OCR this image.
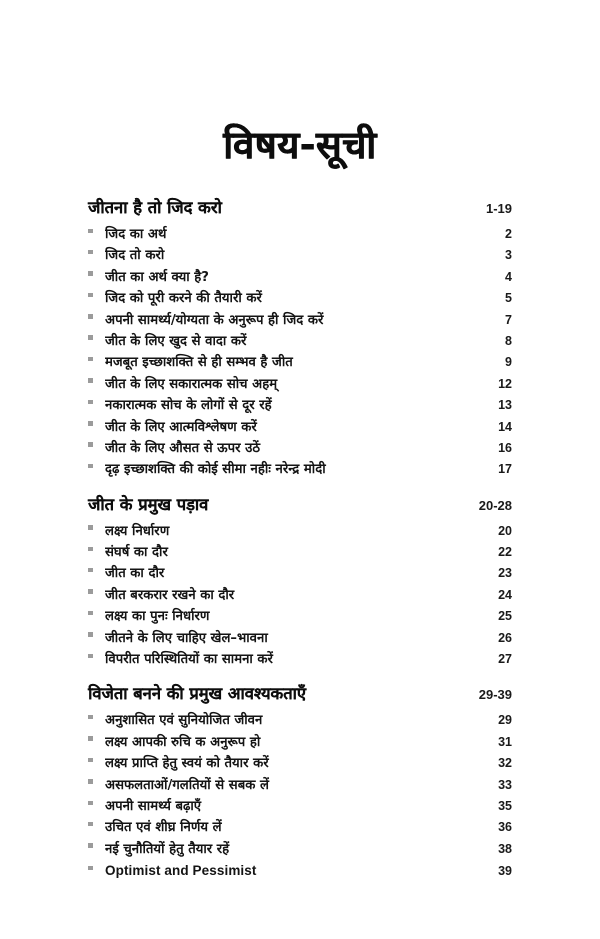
विषय-सूची
जीतना है तो जिद करो	1-19
जिद का अर्थ	2
जिद तो करो	3
जीत का अर्थ क्या है?	4
जिद को पूरी करने की तैयारी करें	5
अपनी सामर्थ्य/योग्यता के अनुरूप ही जिद करें	7
जीत के लिए खुद से वादा करें	8
मजबूत इच्छाशक्ति से ही सम्भव है जीत	9
जीत के लिए सकारात्मक सोच अहम्	12
नकारात्मक सोच के लोगों से दूर रहें	13
जीत के लिए आत्मविश्लेषण करें	14
जीत के लिए औसत से ऊपर उठें	16
दृढ़ इच्छाशक्ति की कोई सीमा नहीः नरेन्द्र मोदी	17
जीत के प्रमुख पड़ाव	20-28
लक्ष्य निर्धारण	20
संघर्ष का दौर	22
जीत का दौर	23
जीत बरकरार रखने का दौर	24
लक्ष्य का पुनः निर्धारण	25
जीतने के लिए चाहिए खेल–भावना	26
विपरीत परिस्थितियों का सामना करें	27
विजेता बनने की प्रमुख आवश्यकताएँ	29-39
अनुशासित एवं सुनियोजित जीवन	29
लक्ष्य आपकी रुचि क अनुरूप हो	31
लक्ष्य प्राप्ति हेतु स्वयं को तैयार करें	32
असफलताओं/गलतियों से सबक लें	33
अपनी सामर्थ्य बढ़ाएँ	35
उचित एवं शीघ्र निर्णय लें	36
नई चुनौतियों हेतु तैयार रहें	38
Optimist and Pessimist	39
